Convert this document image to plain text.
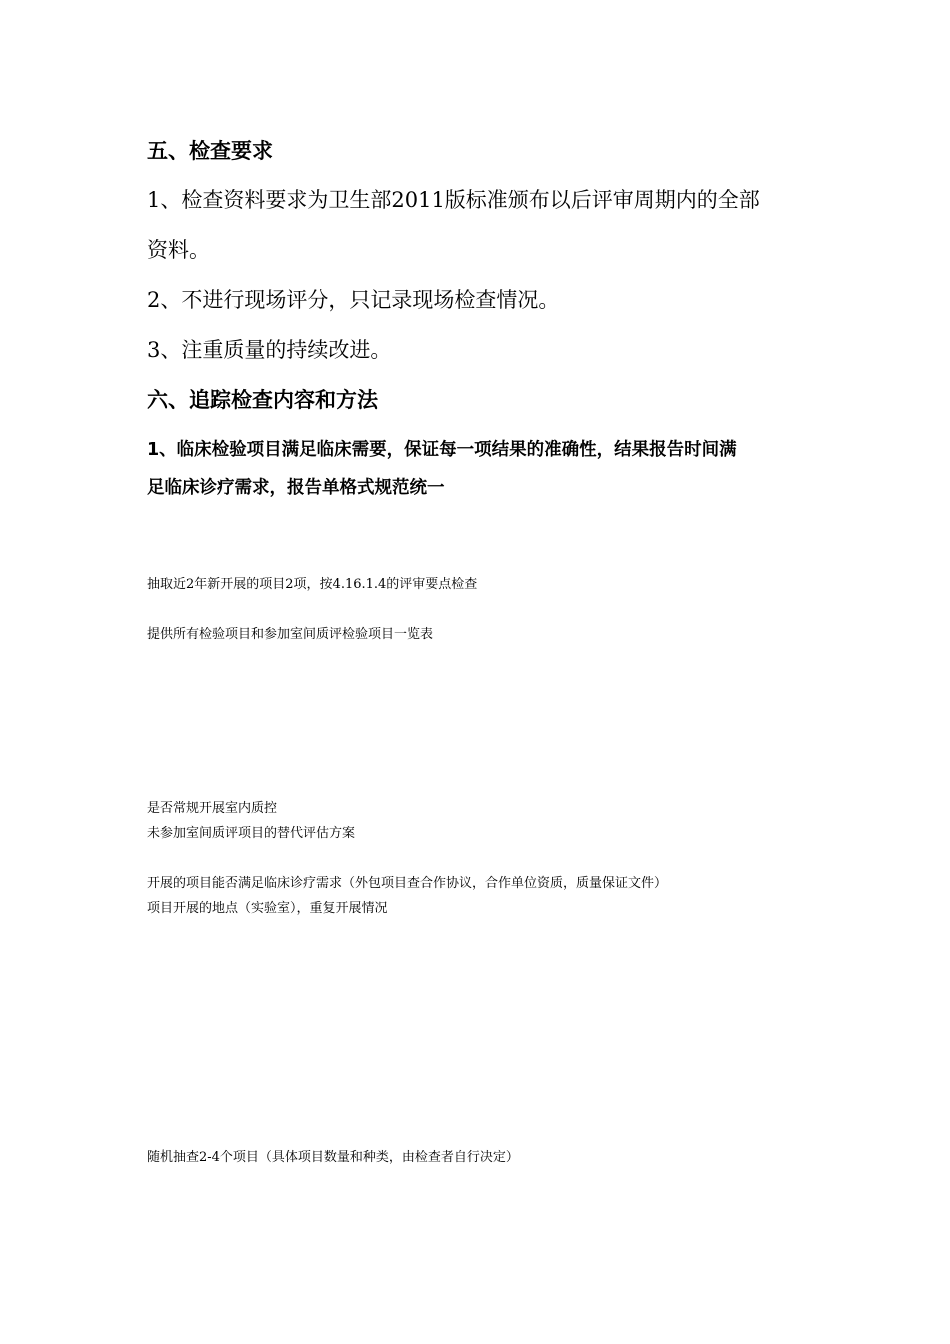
五、检查要求

1、检查资料要求为卫生部2011版标准颁布以后评审周期内的全部

资料。

2、不进行现场评分，只记录现场检查情况。

3、注重质量的持续改进。

六、追踪检查内容和方法

1、临床检验项目满足临床需要，保证每一项结果的准确性，结果报告时间满

足临床诊疗需求，报告单格式规范统一

抽取近2年新开展的项目2项，按4.16.1.4的评审要点检查

提供所有检验项目和参加室间质评检验项目一览表

是否常规开展室内质控

未参加室间质评项目的替代评估方案

开展的项目能否满足临床诊疗需求（外包项目查合作协议，合作单位资质，质量保证文件）

项目开展的地点（实验室），重复开展情况

随机抽查2-4个项目（具体项目数量和种类，由检查者自行决定）
